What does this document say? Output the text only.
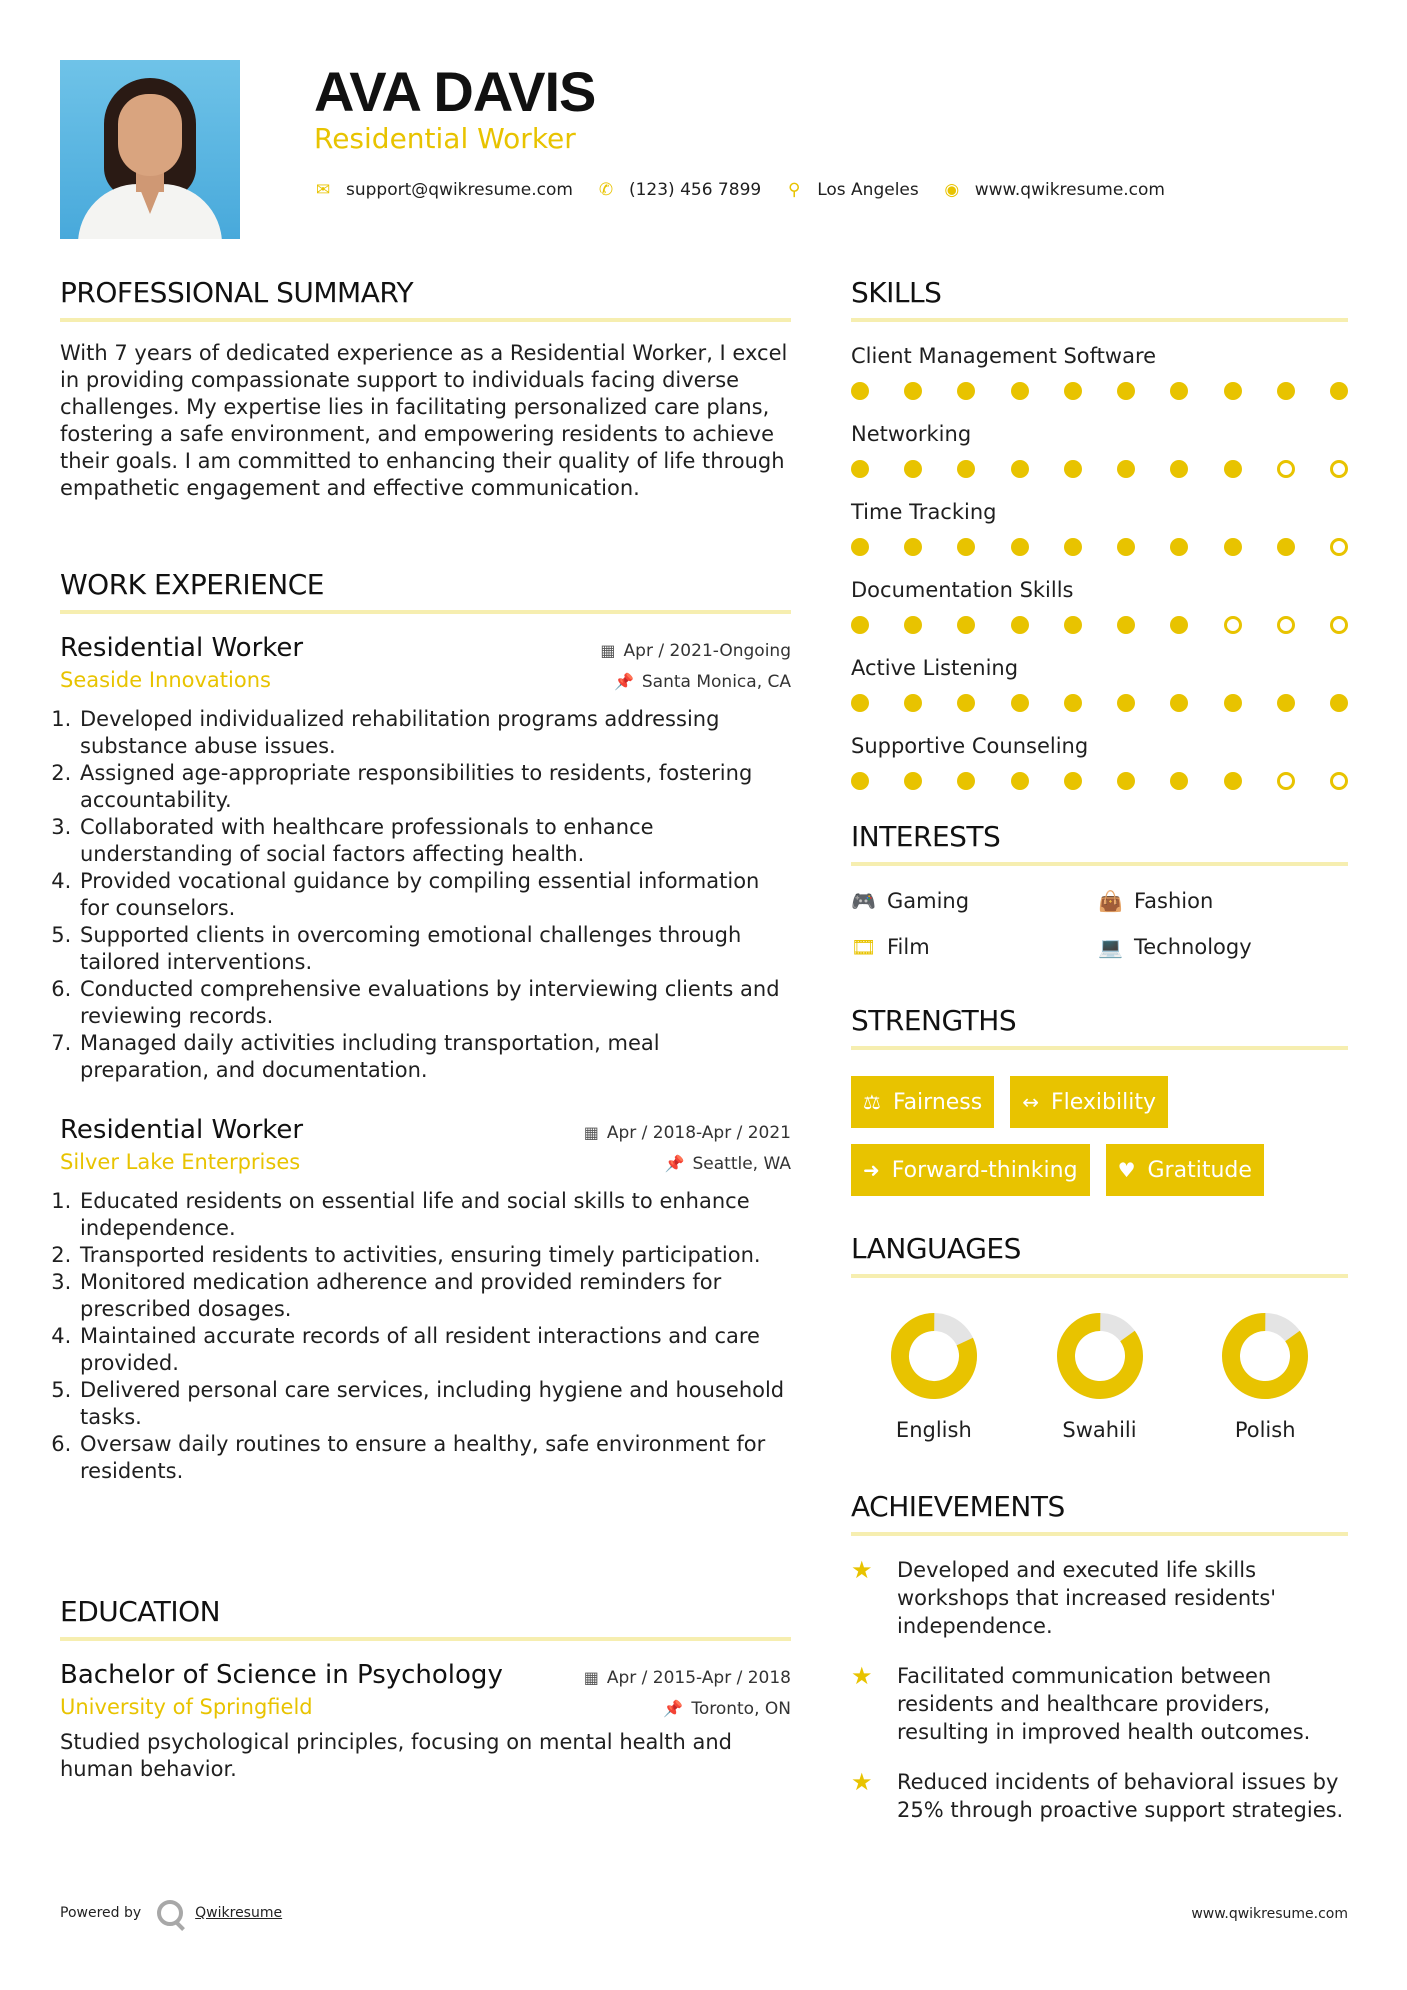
AVA DAVIS
Residential Worker
✉ support@qwikresume.com ✆ (123) 456 7899 ⚲ Los Angeles ◉ www.qwikresume.com
PROFESSIONAL SUMMARY
With 7 years of dedicated experience as a Residential Worker, I excel in providing compassionate support to individuals facing diverse challenges. My expertise lies in facilitating personalized care plans, fostering a safe environment, and empowering residents to achieve their goals. I am committed to enhancing their quality of life through empathetic engagement and effective communication.
WORK EXPERIENCE
Residential Worker	▦ Apr / 2021-Ongoing
Seaside Innovations	📌 Santa Monica, CA
1. Developed individualized rehabilitation programs addressing substance abuse issues.
2. Assigned age-appropriate responsibilities to residents, fostering accountability.
3. Collaborated with healthcare professionals to enhance understanding of social factors affecting health.
4. Provided vocational guidance by compiling essential information for counselors.
5. Supported clients in overcoming emotional challenges through tailored interventions.
6. Conducted comprehensive evaluations by interviewing clients and reviewing records.
7. Managed daily activities including transportation, meal preparation, and documentation.
Residential Worker	▦ Apr / 2018-Apr / 2021
Silver Lake Enterprises	📌 Seattle, WA
1. Educated residents on essential life and social skills to enhance independence.
2. Transported residents to activities, ensuring timely participation.
3. Monitored medication adherence and provided reminders for prescribed dosages.
4. Maintained accurate records of all resident interactions and care provided.
5. Delivered personal care services, including hygiene and household tasks.
6. Oversaw daily routines to ensure a healthy, safe environment for residents.
EDUCATION
Bachelor of Science in Psychology	▦ Apr / 2015-Apr / 2018
University of Springfield	📌 Toronto, ON
Studied psychological principles, focusing on mental health and human behavior.
SKILLS
Client Management Software
Networking
Time Tracking
Documentation Skills
Active Listening
Supportive Counseling
INTERESTS
🎮 Gaming	👜 Fashion
🎞 Film	💻 Technology
STRENGTHS
⚖ Fairness ↔ Flexibility
➜ Forward-thinking ♥ Gratitude
LANGUAGES
English	Swahili	Polish
ACHIEVEMENTS
★	Developed and executed life skills workshops that increased residents' independence.
★	Facilitated communication between residents and healthcare providers, resulting in improved health outcomes.
★	Reduced incidents of behavioral issues by 25% through proactive support strategies.
Powered by	Qwikresume	www.qwikresume.com
